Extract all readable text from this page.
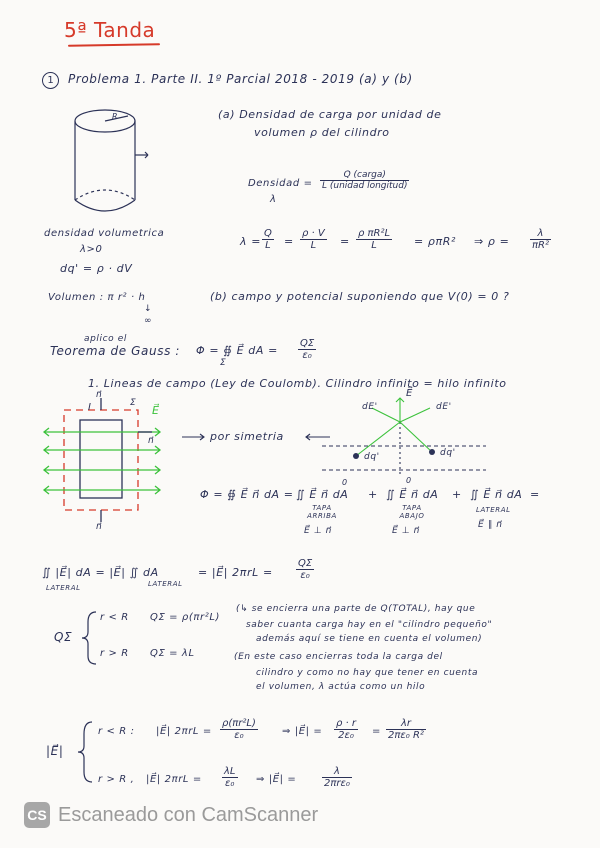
5ª Tanda
1	Problema 1. Parte II. 1º Parcial 2018 - 2019 (a) y (b)
R	(a) Densidad de carga por unidad de
volumen ρ del cilindro
Densidad =
Q (carga)
L (unidad longitud)
λ
densidad volumetrica
λ>0
dq' = ρ · dV
Volumen : π r² · h
↓
∞
$\lambda = \frac{Q}{L} = \frac{\rho \cdot V}{L} = \frac{\text{ρ πR²L}}{L} = \rho\pi R^2$ ⇒ $\rho = \frac{\lambda}{\text{πR²}}$
(b) campo y potencial suponiendo que V(0) = 0 ?
aplico el
Teorema de Gauss : Φ = ∯ E⃗ dA =
Σ
$\frac{Q\Sigma}{\text{ε₀}}$
1. Lineas de campo (Ley de Coulomb). Cilindro infinito = hilo infinito
n⃗
I	Σ
E⃗
n⃗
n⃗
por simetria
dE'	dE'
E⃗
dq'	dq'
Φ = ∯ E⃗ n⃗ dA = ∬ E⃗ n⃗ dA
0
TAPA ARRIBA
E⃗ ⊥ n⃗
+ ∬ E⃗ n⃗ dA
0
TAPA ABAJO
E⃗ ⊥ n⃗
+ ∬ E⃗ n⃗ dA
LATERAL
E⃗ ∥ n⃗
=
∬ |E⃗| dA = |E⃗| ∬ dA
LATERAL	LATERAL
= |E⃗| $2\pi rL = \frac{Q\Sigma}{\text{ε₀}}$
QΣ
r < R QΣ = ρ(πr²L)
(↳ se encierra una parte de Q(TOTAL), hay que
saber cuanta carga hay en el "cilindro pequeño"
además aquí se tiene en cuenta el volumen)
r > R QΣ = λL	(En este caso encierras toda la carga del
cilindro y como no hay que tener en cuenta
el volumen, λ actúa como un hilo
|E⃗|
r < R : |E⃗| $2\pi rL = \frac{\text{ρ(πr²L)}}{\text{ε₀}}$ ⇒ |E⃗| = $\frac{\rho \cdot r}{\text{2ε₀}} = \frac{\lambda r}{\text{2πε₀ R²}}$
r > R , |E⃗| $2\pi rL = \frac{\lambda L}{\text{ε₀}}$ ⇒ |E⃗| =
λ
2πrε₀
CS Escaneado con CamScanner
